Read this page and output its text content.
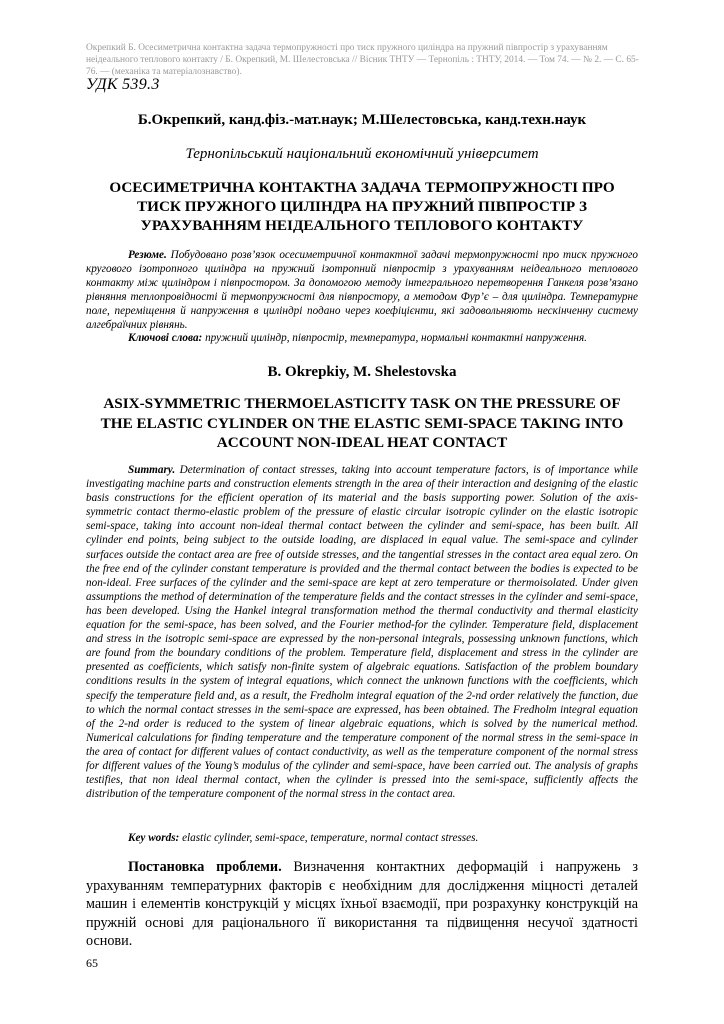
Окрепкий Б. Осесиметрична контактна задача термопружності про тиск пружного циліндра на пружний півпростір з урахуванням неідеального теплового контакту / Б. Окрепкий, М. Шелестовська // Вісник ТНТУ — Тернопіль : ТНТУ, 2014. — Том 74. — № 2. — С. 65-76. — (механіка та матеріалознавство).
УДК 539.3
Б.Окрепкий, канд.фіз.-мат.наук; М.Шелестовська, канд.техн.наук
Тернопільський національний економічний університет
ОСЕСИМЕТРИЧНА КОНТАКТНА ЗАДАЧА ТЕРМОПРУЖНОСТІ ПРО ТИСК ПРУЖНОГО ЦИЛІНДРА НА ПРУЖНИЙ ПІВПРОСТІР З УРАХУВАННЯМ НЕІДЕАЛЬНОГО ТЕПЛОВОГО КОНТАКТУ
Резюме. Побудовано розв’язок осесиметричної контактної задачі термопружності про тиск пружного кругового ізотропного циліндра на пружний ізотропний півпростір з урахуванням неідеального теплового контакту між циліндром і півпростором. За допомогою методу інтегрального перетворення Ганкеля розв’язано рівняння теплопровідності й термопружності для півпростору, а методом Фур’є – для циліндра. Температурне поле, переміщення й напруження в циліндрі подано через коефіцієнти, які задовольняють нескінченну систему алгебраїчних рівнянь.
Ключові слова: пружний циліндр, півпростір, температура, нормальні контактні напруження.
B. Okrepkiy, M. Shelestovska
ASIX-SYMMETRIC THERMOELASTICITY TASK ON THE PRESSURE OF THE ELASTIC CYLINDER ON THE ELASTIC SEMI-SPACE TAKING INTO ACCOUNT NON-IDEAL HEAT CONTACT
Summary. Determination of contact stresses, taking into account temperature factors, is of importance while investigating machine parts and construction elements strength in the area of their interaction and designing of the elastic basis constructions for the efficient operation of its material and the basis supporting power. Solution of the axis-symmetric contact thermo-elastic problem of the pressure of elastic circular isotropic cylinder on the elastic isotropic semi-space, taking into account non-ideal thermal contact between the cylinder and semi-space, has been built. All cylinder end points, being subject to the outside loading, are displaced in equal value. The semi-space and cylinder surfaces outside the contact area are free of outside stresses, and the tangential stresses in the contact area equal zero. On the free end of the cylinder constant temperature is provided and the thermal contact between the bodies is expected to be non-ideal. Free surfaces of the cylinder and the semi-space are kept at zero temperature or thermoisolated. Under given assumptions the method of determination of the temperature fields and the contact stresses in the cylinder and semi-space, has been developed. Using the Hankel integral transformation method the thermal conductivity and thermal elasticity equation for the semi-space, has been solved, and the Fourier method-for the cylinder. Temperature field, displacement and stress in the isotropic semi-space are expressed by the non-personal integrals, possessing unknown functions, which are found from the boundary conditions of the problem. Temperature field, displacement and stress in the cylinder are presented as coefficients, which satisfy non-finite system of algebraic equations. Satisfaction of the problem boundary conditions results in the system of integral equations, which connect the unknown functions with the coefficients, which specify the temperature field and, as a result, the Fredholm integral equation of the 2-nd order relatively the function, due to which the normal contact stresses in the semi-space are expressed, has been obtained. The Fredholm integral equation of the 2-nd order is reduced to the system of linear algebraic equations, which is solved by the numerical method. Numerical calculations for finding temperature and the temperature component of the normal stress in the semi-space in the area of contact for different values of contact conductivity, as well as the temperature component of the normal stress for different values of the Young’s modulus of the cylinder and semi-space, have been carried out. The analysis of graphs testifies, that non ideal thermal contact, when the cylinder is pressed into the semi-space, sufficiently affects the distribution of the temperature component of the normal stress in the contact area.
Key words: elastic cylinder, semi-space, temperature, normal contact stresses.
Постановка проблеми. Визначення контактних деформацій і напружень з урахуванням температурних факторів є необхідним для дослідження міцності деталей машин і елементів конструкцій у місцях їхньої взаємодії, при розрахунку конструкцій на пружній основі для раціонального її використання та підвищення несучої здатності основи.
65
